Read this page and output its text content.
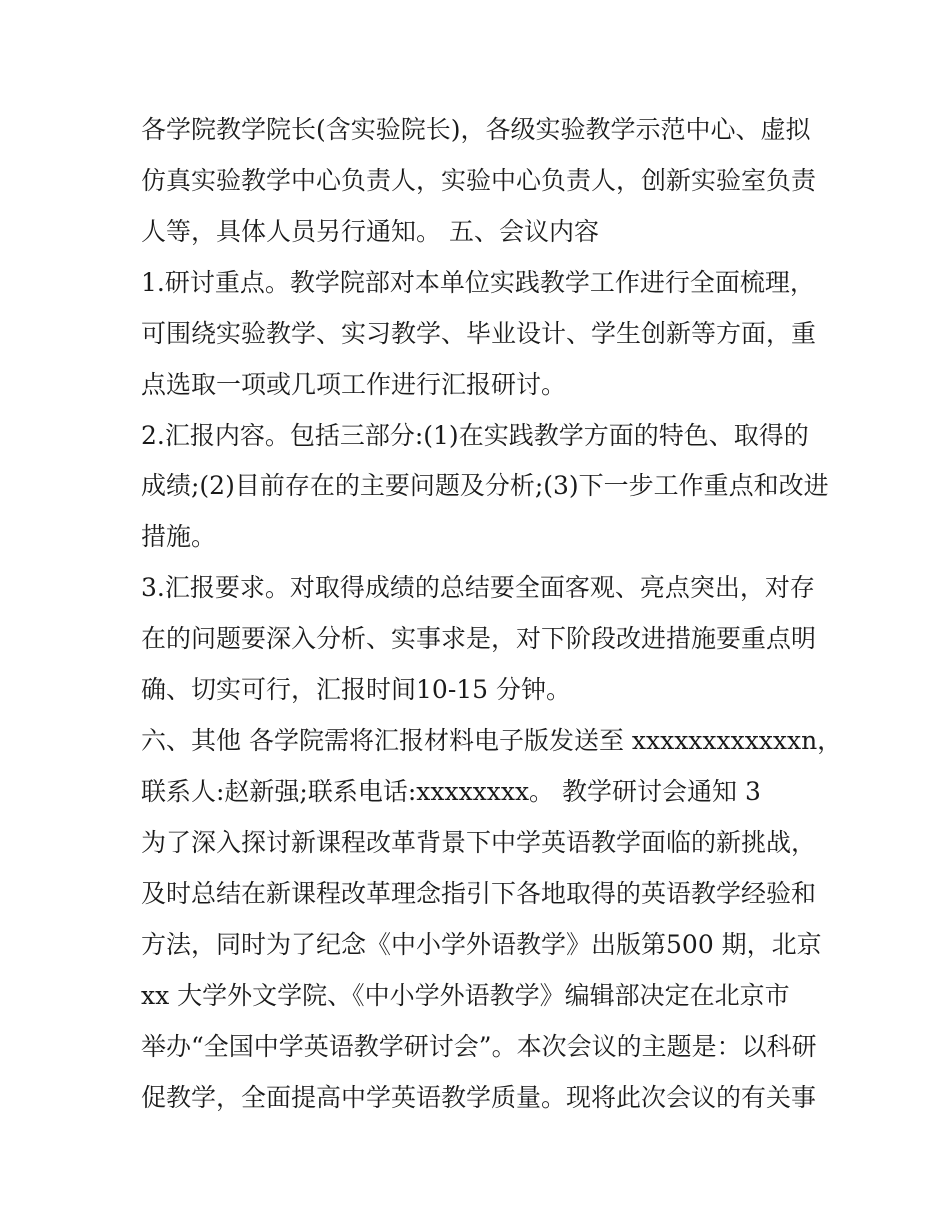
各学院教学院长(含实验院长)，各级实验教学示范中心、虚拟
仿真实验教学中心负责人，实验中心负责人，创新实验室负责
人等，具体人员另行通知。 五、会议内容
1.研讨重点。教学院部对本单位实践教学工作进行全面梳理，
可围绕实验教学、实习教学、毕业设计、学生创新等方面，重
点选取一项或几项工作进行汇报研讨。
2.汇报内容。包括三部分:(1)在实践教学方面的特色、取得的
成绩;(2)目前存在的主要问题及分析;(3)下一步工作重点和改进
措施。
3.汇报要求。对取得成绩的总结要全面客观、亮点突出，对存
在的问题要深入分析、实事求是，对下阶段改进措施要重点明
确、切实可行，汇报时间10-15 分钟。
六、其他 各学院需将汇报材料电子版发送至 xxxxxxxxxxxxn，
联系人:赵新强;联系电话:xxxxxxxx。 教学研讨会通知 3
为了深入探讨新课程改革背景下中学英语教学面临的新挑战，
及时总结在新课程改革理念指引下各地取得的英语教学经验和
方法，同时为了纪念《中小学外语教学》出版第500 期，北京
xx 大学外文学院、《中小学外语教学》编辑部决定在北京市
举办“全国中学英语教学研讨会”。本次会议的主题是：以科研
促教学，全面提高中学英语教学质量。现将此次会议的有关事
